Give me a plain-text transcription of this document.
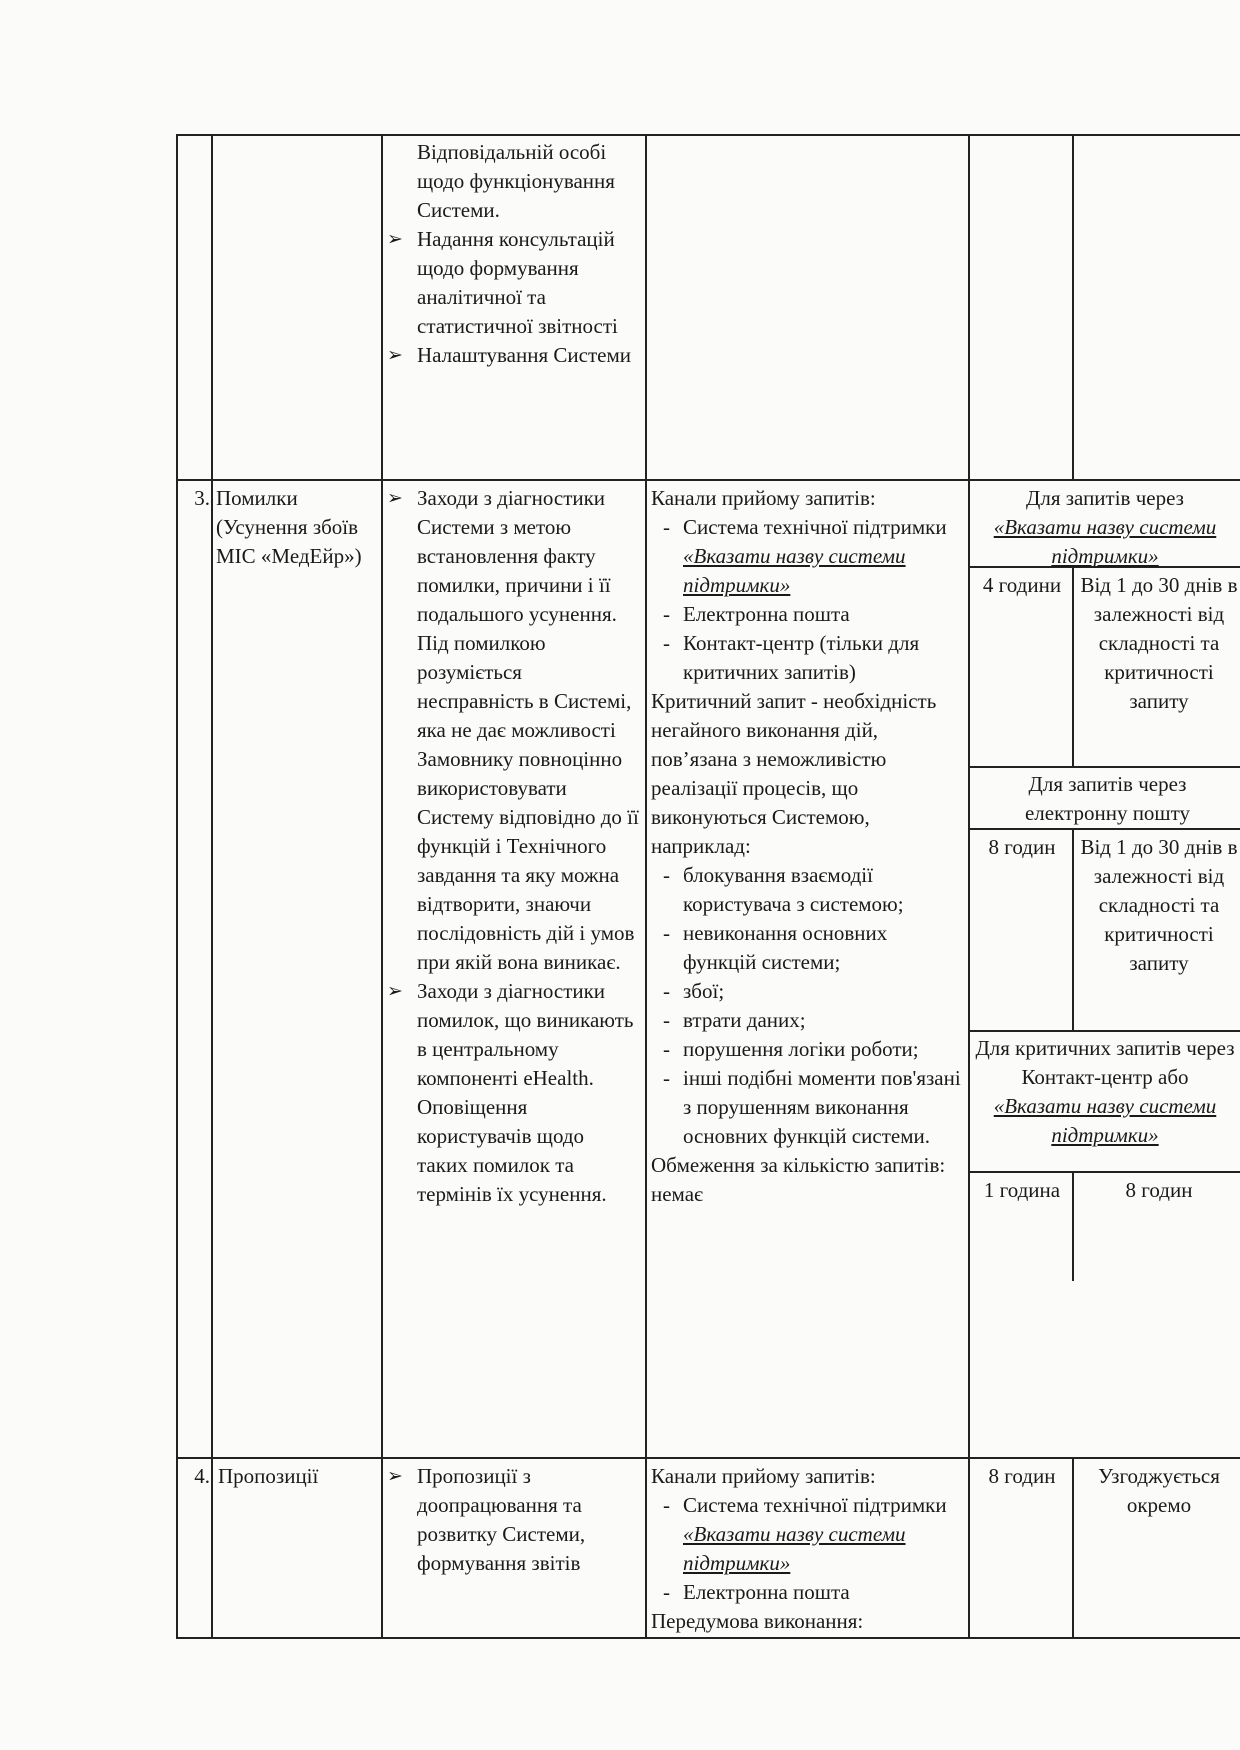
Відповідальній особі щодо функціонування Системи.
➢ Надання консультацій щодо формування аналітичної та статистичної звітності
➢ Налаштування Системи
3. Помилки (Усунення збоїв МІС «МедЕйр»)
➢ Заходи з діагностики Системи з метою встановлення факту помилки, причини і її подальшого усунення. Під помилкою розуміється несправність в Системі, яка не дає можливості Замовнику повноцінно використовувати Систему відповідно до її функцій і Технічного завдання та яку можна відтворити, знаючи послідовність дій і умов при якій вона виникає.
➢ Заходи з діагностики помилок, що виникають в центральному компоненті eHealth. Оповіщення користувачів щодо таких помилок та термінів їх усунення.

Канали прийому запитів:

- Система технічної підтримки «Вказати назву системи підтримки»
- Електронна пошта
- Контакт-центр (тільки для критичних запитів)

Критичний запит - необхідність негайного виконання дій, пов’язана з неможливістю реалізації процесів, що виконуються Системою, наприклад:

- блокування взаємодії користувача з системою;
- невиконання основних функцій системи;
- збої;
- втрати даних;
- порушення логіки роботи;
- інші подібні моменти пов'язані з порушенням виконання основних функцій системи.

Обмеження за кількістю запитів: немає

Для запитів через
«Вказати назву системи підтримки»
4 години Від 1 до 30 днів в залежності від складності та критичності запиту
Для запитів через електронну пошту
8 годин	Від 1 до 30 днів в залежності від складності та критичності запиту
Для критичних запитів через Контакт-центр або
«Вказати назву системи підтримки»
1 година	8 годин
4. Пропозиції
➢	Пропозиції з доопрацювання та розвитку Системи, формування звітів

Канали прийому запитів:

- Система технічної підтримки «Вказати назву системи підтримки»
- Електронна пошта

Передумова виконання:

8 годин	Узгоджується окремо
